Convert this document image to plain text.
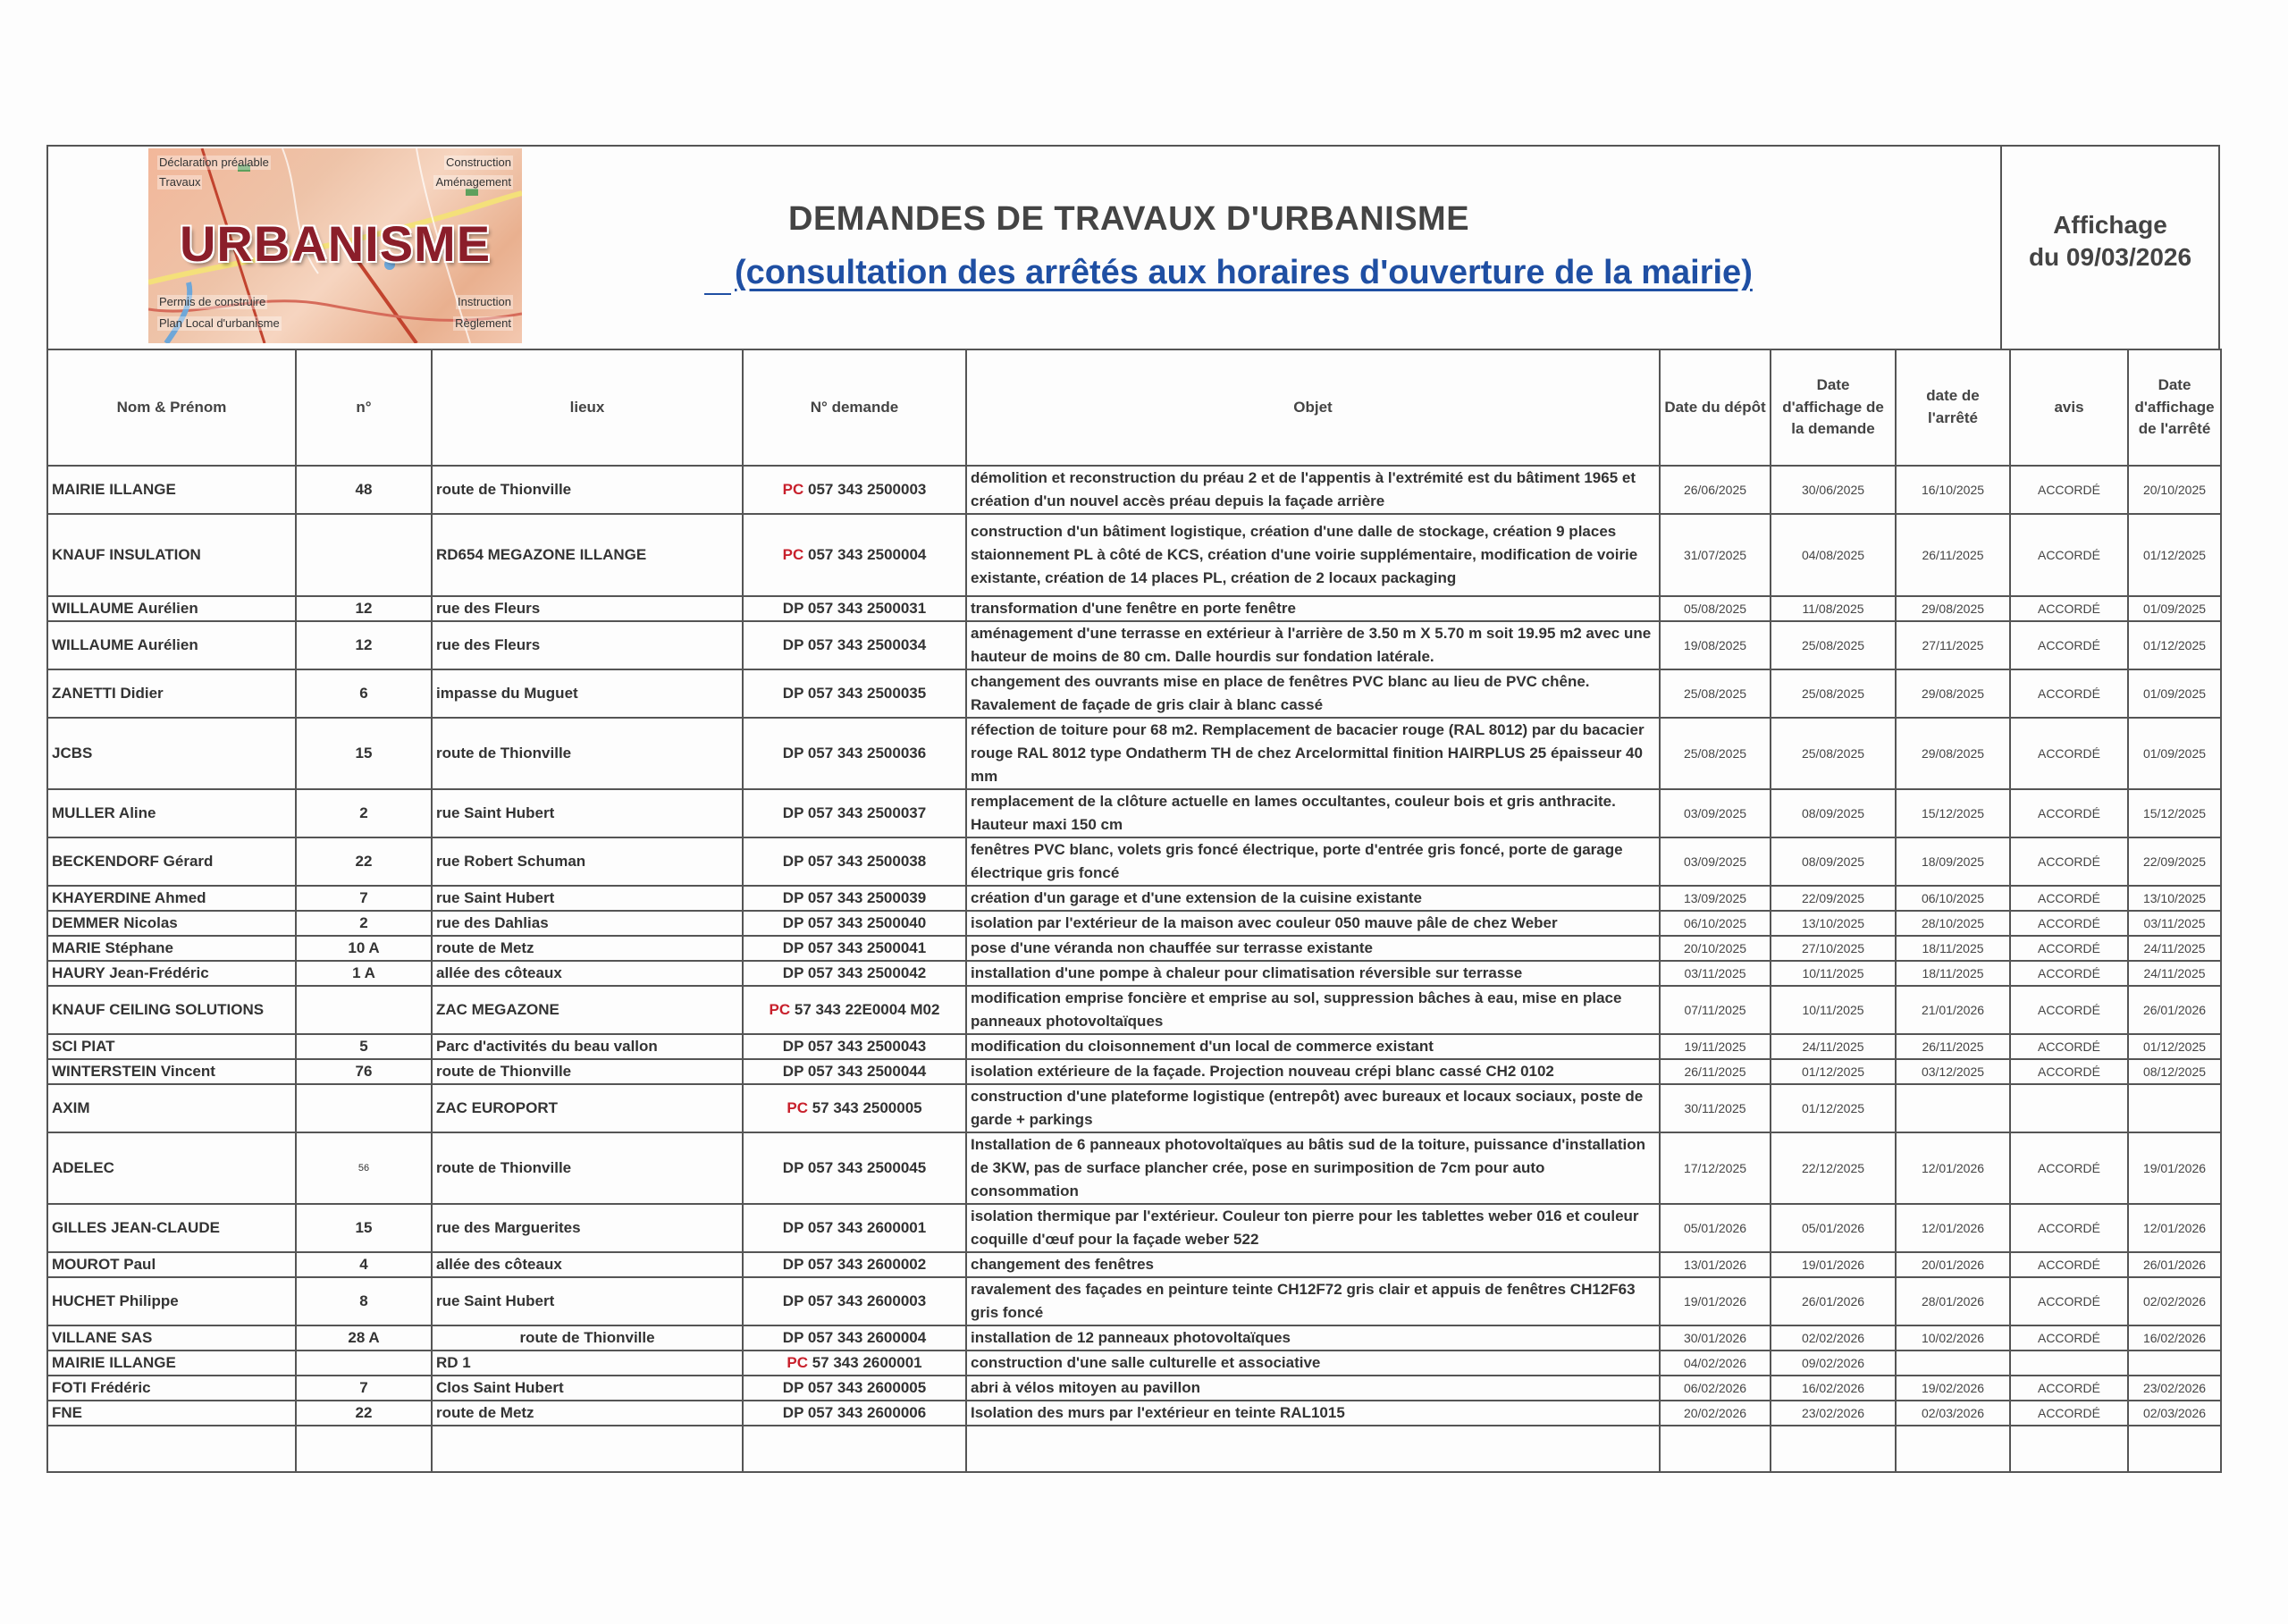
Déclaration préalable	Construction
Travaux	Aménagement
URBANISME
Permis de construire	Instruction
Plan Local d'urbanisme	Règlement
DEMANDES DE TRAVAUX D'URBANISME
(consultation des arrêtés aux horaires d'ouverture de la mairie)
Affichage
du 09/03/2026
Nom & Prénom	n°	lieux	N° demande	Objet	Date du dépôt	Date d'affichage de la demande	date de l'arrêté	avis	Date d'affichage de l'arrêté
MAIRIE ILLANGE	48	route de Thionville	PC 057 343 2500003	démolition et reconstruction du préau 2 et de l'appentis à l'extrémité est du bâtiment 1965 et création d'un nouvel accès préau depuis la façade arrière	26/06/2025	30/06/2025	16/10/2025	ACCORDÉ	20/10/2025
KNAUF INSULATION		RD654 MEGAZONE ILLANGE	PC 057 343 2500004	construction d'un bâtiment logistique, création d'une dalle de stockage, création 9 places staionnement PL à côté de KCS, création d'une voirie supplémentaire, modification de voirie existante, création de 14 places PL, création de 2 locaux packaging	31/07/2025	04/08/2025	26/11/2025	ACCORDÉ	01/12/2025
WILLAUME Aurélien	12	rue des Fleurs	DP 057 343 2500031	transformation d'une fenêtre en porte fenêtre	05/08/2025	11/08/2025	29/08/2025	ACCORDÉ	01/09/2025
WILLAUME Aurélien	12	rue des Fleurs	DP 057 343 2500034	aménagement d'une terrasse en extérieur à l'arrière de 3.50 m X 5.70 m soit 19.95 m2 avec une hauteur de moins de 80 cm. Dalle hourdis sur fondation latérale.	19/08/2025	25/08/2025	27/11/2025	ACCORDÉ	01/12/2025
ZANETTI Didier	6	impasse du Muguet	DP 057 343 2500035	changement des ouvrants mise en place de fenêtres PVC blanc au lieu de PVC chêne. Ravalement de façade de gris clair à blanc cassé	25/08/2025	25/08/2025	29/08/2025	ACCORDÉ	01/09/2025
JCBS	15	route de Thionville	DP 057 343 2500036	réfection de toiture pour 68 m2. Remplacement de bacacier rouge (RAL 8012) par du bacacier rouge RAL 8012 type Ondatherm TH de chez Arcelormittal finition HAIRPLUS 25 épaisseur 40 mm	25/08/2025	25/08/2025	29/08/2025	ACCORDÉ	01/09/2025
MULLER Aline	2	rue Saint Hubert	DP 057 343 2500037	remplacement de la clôture actuelle en lames occultantes, couleur bois et gris anthracite. Hauteur maxi 150 cm	03/09/2025	08/09/2025	15/12/2025	ACCORDÉ	15/12/2025
BECKENDORF Gérard	22	rue Robert Schuman	DP 057 343 2500038	fenêtres PVC blanc, volets gris foncé électrique, porte d'entrée gris foncé, porte de garage électrique gris foncé	03/09/2025	08/09/2025	18/09/2025	ACCORDÉ	22/09/2025
KHAYERDINE Ahmed	7	rue Saint Hubert	DP 057 343 2500039	création d'un garage et d'une extension de la cuisine existante	13/09/2025	22/09/2025	06/10/2025	ACCORDÉ	13/10/2025
DEMMER Nicolas	2	rue des Dahlias	DP 057 343 2500040	isolation par l'extérieur de la maison avec couleur 050 mauve pâle de chez Weber	06/10/2025	13/10/2025	28/10/2025	ACCORDÉ	03/11/2025
MARIE Stéphane	10 A	route de Metz	DP 057 343 2500041	pose d'une véranda non chauffée sur terrasse existante	20/10/2025	27/10/2025	18/11/2025	ACCORDÉ	24/11/2025
HAURY Jean-Frédéric	1 A	allée des côteaux	DP 057 343 2500042	installation d'une pompe à chaleur pour climatisation réversible sur terrasse	03/11/2025	10/11/2025	18/11/2025	ACCORDÉ	24/11/2025
KNAUF CEILING SOLUTIONS		ZAC MEGAZONE	PC 57 343 22E0004 M02	modification emprise foncière et emprise au sol, suppression bâches à eau, mise en place panneaux photovoltaïques	07/11/2025	10/11/2025	21/01/2026	ACCORDÉ	26/01/2026
SCI PIAT	5	Parc d'activités du beau vallon	DP 057 343 2500043	modification du cloisonnement d'un local de commerce existant	19/11/2025	24/11/2025	26/11/2025	ACCORDÉ	01/12/2025
WINTERSTEIN Vincent	76	route de Thionville	DP 057 343 2500044	isolation extérieure de la façade. Projection nouveau crépi blanc cassé CH2 0102	26/11/2025	01/12/2025	03/12/2025	ACCORDÉ	08/12/2025
AXIM		ZAC EUROPORT	PC 57 343 2500005	construction d'une plateforme logistique (entrepôt) avec bureaux et locaux sociaux, poste de garde + parkings	30/11/2025	01/12/2025			
ADELEC	56	route de Thionville	DP 057 343 2500045	Installation de 6 panneaux photovoltaïques au bâtis sud de la toiture, puissance d'installation de 3KW, pas de surface plancher crée, pose en surimposition de 7cm pour auto consommation	17/12/2025	22/12/2025	12/01/2026	ACCORDÉ	19/01/2026
GILLES JEAN-CLAUDE	15	rue des Marguerites	DP 057 343 2600001	isolation thermique par l'extérieur. Couleur ton pierre pour les tablettes weber 016 et couleur coquille d'œuf pour la façade weber 522	05/01/2026	05/01/2026	12/01/2026	ACCORDÉ	12/01/2026
MOUROT Paul	4	allée des côteaux	DP 057 343 2600002	changement des fenêtres	13/01/2026	19/01/2026	20/01/2026	ACCORDÉ	26/01/2026
HUCHET Philippe	8	rue Saint Hubert	DP 057 343 2600003	ravalement des façades en peinture teinte CH12F72 gris clair et appuis de fenêtres CH12F63 gris foncé	19/01/2026	26/01/2026	28/01/2026	ACCORDÉ	02/02/2026
VILLANE SAS	28 A	route de Thionville	DP 057 343 2600004	installation de 12 panneaux photovoltaïques	30/01/2026	02/02/2026	10/02/2026	ACCORDÉ	16/02/2026
MAIRIE ILLANGE		RD 1	PC 57 343 2600001	construction d'une salle culturelle et associative	04/02/2026	09/02/2026			
FOTI Frédéric	7	Clos Saint Hubert	DP 057 343 2600005	abri à vélos mitoyen au pavillon	06/02/2026	16/02/2026	19/02/2026	ACCORDÉ	23/02/2026
FNE	22	route de Metz	DP 057 343 2600006	Isolation des murs par l'extérieur en teinte RAL1015	20/02/2026	23/02/2026	02/03/2026	ACCORDÉ	02/03/2026
